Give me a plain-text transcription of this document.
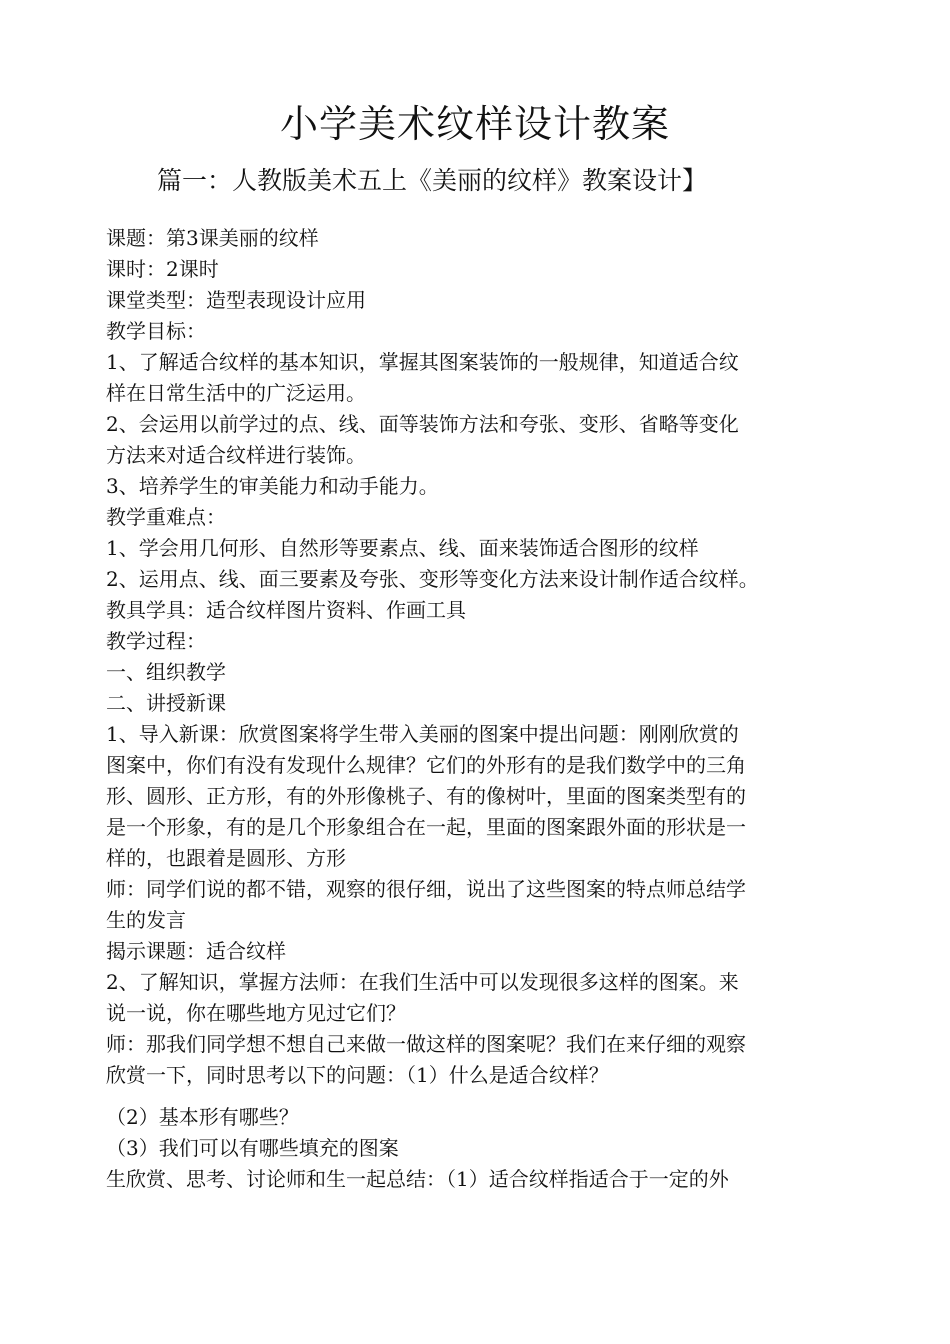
小学美术纹样设计教案
篇一：人教版美术五上《美丽的纹样》教案设计】
课题：第3课美丽的纹样
课时：2课时
课堂类型：造型表现设计应用
教学目标：
1、了解适合纹样的基本知识，掌握其图案装饰的一般规律，知道适合纹
样在日常生活中的广泛运用。
2、会运用以前学过的点、线、面等装饰方法和夸张、变形、省略等变化
方法来对适合纹样进行装饰。
3、培养学生的审美能力和动手能力。
教学重难点：
1、学会用几何形、自然形等要素点、线、面来装饰适合图形的纹样
2、运用点、线、面三要素及夸张、变形等变化方法来设计制作适合纹样。
教具学具：适合纹样图片资料、作画工具
教学过程：
一、组织教学
二、讲授新课
1、导入新课：欣赏图案将学生带入美丽的图案中提出问题：刚刚欣赏的
图案中，你们有没有发现什么规律？它们的外形有的是我们数学中的三角
形、圆形、正方形，有的外形像桃子、有的像树叶，里面的图案类型有的
是一个形象，有的是几个形象组合在一起，里面的图案跟外面的形状是一
样的，也跟着是圆形、方形
师：同学们说的都不错，观察的很仔细，说出了这些图案的特点师总结学
生的发言
揭示课题：适合纹样
2、了解知识，掌握方法师：在我们生活中可以发现很多这样的图案。来
说一说，你在哪些地方见过它们？
师：那我们同学想不想自己来做一做这样的图案呢？我们在来仔细的观察
欣赏一下，同时思考以下的问题：（1）什么是适合纹样？
（2）基本形有哪些？
（3）我们可以有哪些填充的图案
生欣赏、思考、讨论师和生一起总结：（1）适合纹样指适合于一定的外
